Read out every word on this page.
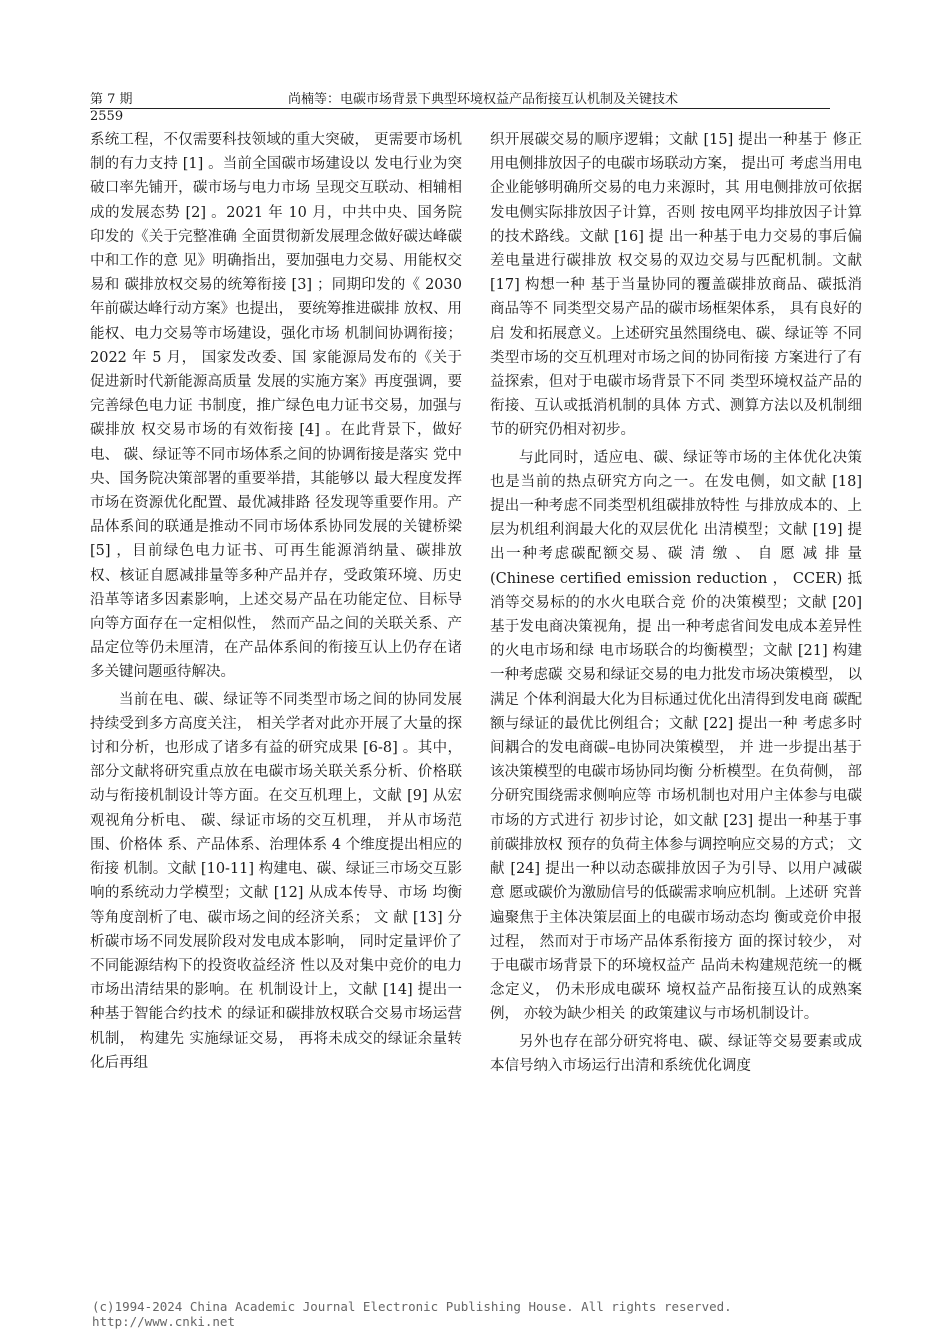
第 7 期	尚楠等：电碳市场背景下典型环境权益产品衔接互认机制及关键技术
2559

系统工程，不仅需要科技领域的重大突破， 更需要市场机制的有力支持 [1] 。当前全国碳市场建设以 发电行业为突破口率先铺开，碳市场与电力市场 呈现交互联动、相辅相成的发展态势 [2] 。2021 年 10 月，中共中央、国务院印发的《关于完整准确 全面贯彻新发展理念做好碳达峰碳中和工作的意 见》明确指出，要加强电力交易、用能权交易和 碳排放权交易的统筹衔接 [3] ；同期印发的《 2030 年前碳达峰行动方案》也提出， 要统筹推进碳排 放权、用能权、电力交易等市场建设，强化市场 机制间协调衔接；2022 年 5 月， 国家发改委、国 家能源局发布的《关于促进新时代新能源高质量 发展的实施方案》再度强调，要完善绿色电力证 书制度，推广绿色电力证书交易，加强与碳排放 权交易市场的有效衔接 [4] 。在此背景下，做好电、 碳、绿证等不同市场体系之间的协调衔接是落实 党中央、国务院决策部署的重要举措，其能够以 最大程度发挥市场在资源优化配置、最优减排路 径发现等重要作用。产品体系间的联通是推动不同市场体系协同发展的关键桥梁 [5] ，目前绿色电力证书、可再生能源消纳量、碳排放权、核证自愿减排量等多种产品并存，受政策环境、历史沿革等诸多因素影响，上述交易产品在功能定位、目标导向等方面存在一定相似性， 然而产品之间的关联关系、产品定位等仍未厘清，在产品体系间的衔接互认上仍存在诸多关键问题亟待解决。

当前在电、碳、绿证等不同类型市场之间的协同发展持续受到多方高度关注， 相关学者对此亦开展了大量的探讨和分析，也形成了诸多有益的研究成果 [6-8] 。其中，部分文献将研究重点放在电碳市场关联关系分析、价格联动与衔接机制设计等方面。在交互机理上，文献 [9] 从宏观视角分析电、 碳、绿证市场的交互机理， 并从市场范围、价格体 系、产品体系、治理体系 4 个维度提出相应的衔接 机制。文献 [10-11] 构建电、碳、绿证三市场交互影 响的系统动力学模型；文献 [12] 从成本传导、市场 均衡等角度剖析了电、碳市场之间的经济关系； 文 献 [13] 分析碳市场不同发展阶段对发电成本影响， 同时定量评价了不同能源结构下的投资收益经济 性以及对集中竞价的电力市场出清结果的影响。在 机制设计上，文献 [14] 提出一种基于智能合约技术 的绿证和碳排放权联合交易市场运营机制， 构建先 实施绿证交易， 再将未成交的绿证余量转化后再组

织开展碳交易的顺序逻辑；文献 [15] 提出一种基于 修正用电侧排放因子的电碳市场联动方案， 提出可 考虑当用电企业能够明确所交易的电力来源时，其 用电侧排放可依据发电侧实际排放因子计算，否则 按电网平均排放因子计算的技术路线。文献 [16] 提 出一种基于电力交易的事后偏差电量进行碳排放 权交易的双边交易与匹配机制。文献 [17] 构想一种 基于当量协同的覆盖碳排放商品、碳抵消商品等不 同类型交易产品的碳市场框架体系， 具有良好的启 发和拓展意义。上述研究虽然围绕电、碳、绿证等 不同类型市场的交互机理对市场之间的协同衔接 方案进行了有益探索，但对于电碳市场背景下不同 类型环境权益产品的衔接、互认或抵消机制的具体 方式、测算方法以及机制细节的研究仍相对初步。

与此同时，适应电、碳、绿证等市场的主体优化决策也是当前的热点研究方向之一。在发电侧，如文献 [18] 提出一种考虑不同类型机组碳排放特性 与排放成本的、上层为机组利润最大化的双层优化 出清模型；文献 [19] 提出一种考虑碳配额交易、碳 清 缴 、 自 愿 减 排 量 (Chinese certified emission reduction ， CCER) 抵消等交易标的的水火电联合竞 价的决策模型；文献 [20] 基于发电商决策视角，提 出一种考虑省间发电成本差异性的火电市场和绿 电市场联合的均衡模型；文献 [21] 构建一种考虑碳 交易和绿证交易的电力批发市场决策模型， 以满足 个体利润最大化为目标通过优化出清得到发电商 碳配额与绿证的最优比例组合；文献 [22] 提出一种 考虑多时间耦合的发电商碳–电协同决策模型， 并 进一步提出基于该决策模型的电碳市场协同均衡 分析模型。在负荷侧， 部分研究围绕需求侧响应等 市场机制也对用户主体参与电碳市场的方式进行 初步讨论，如文献 [23] 提出一种基于事前碳排放权 预存的负荷主体参与调控响应交易的方式； 文献 [24] 提出一种以动态碳排放因子为引导、以用户减碳意 愿或碳价为激励信号的低碳需求响应机制。上述研 究普遍聚焦于主体决策层面上的电碳市场动态均 衡或竞价申报过程， 然而对于市场产品体系衔接方 面的探讨较少， 对于电碳市场背景下的环境权益产 品尚未构建规范统一的概念定义， 仍未形成电碳环 境权益产品衔接互认的成熟案例， 亦较为缺少相关 的政策建议与市场机制设计。

另外也存在部分研究将电、碳、绿证等交易要素或成本信号纳入市场运行出清和系统优化调度

(c)1994-2024 China Academic Journal Electronic Publishing House. All rights reserved.
http://www.cnki.net
